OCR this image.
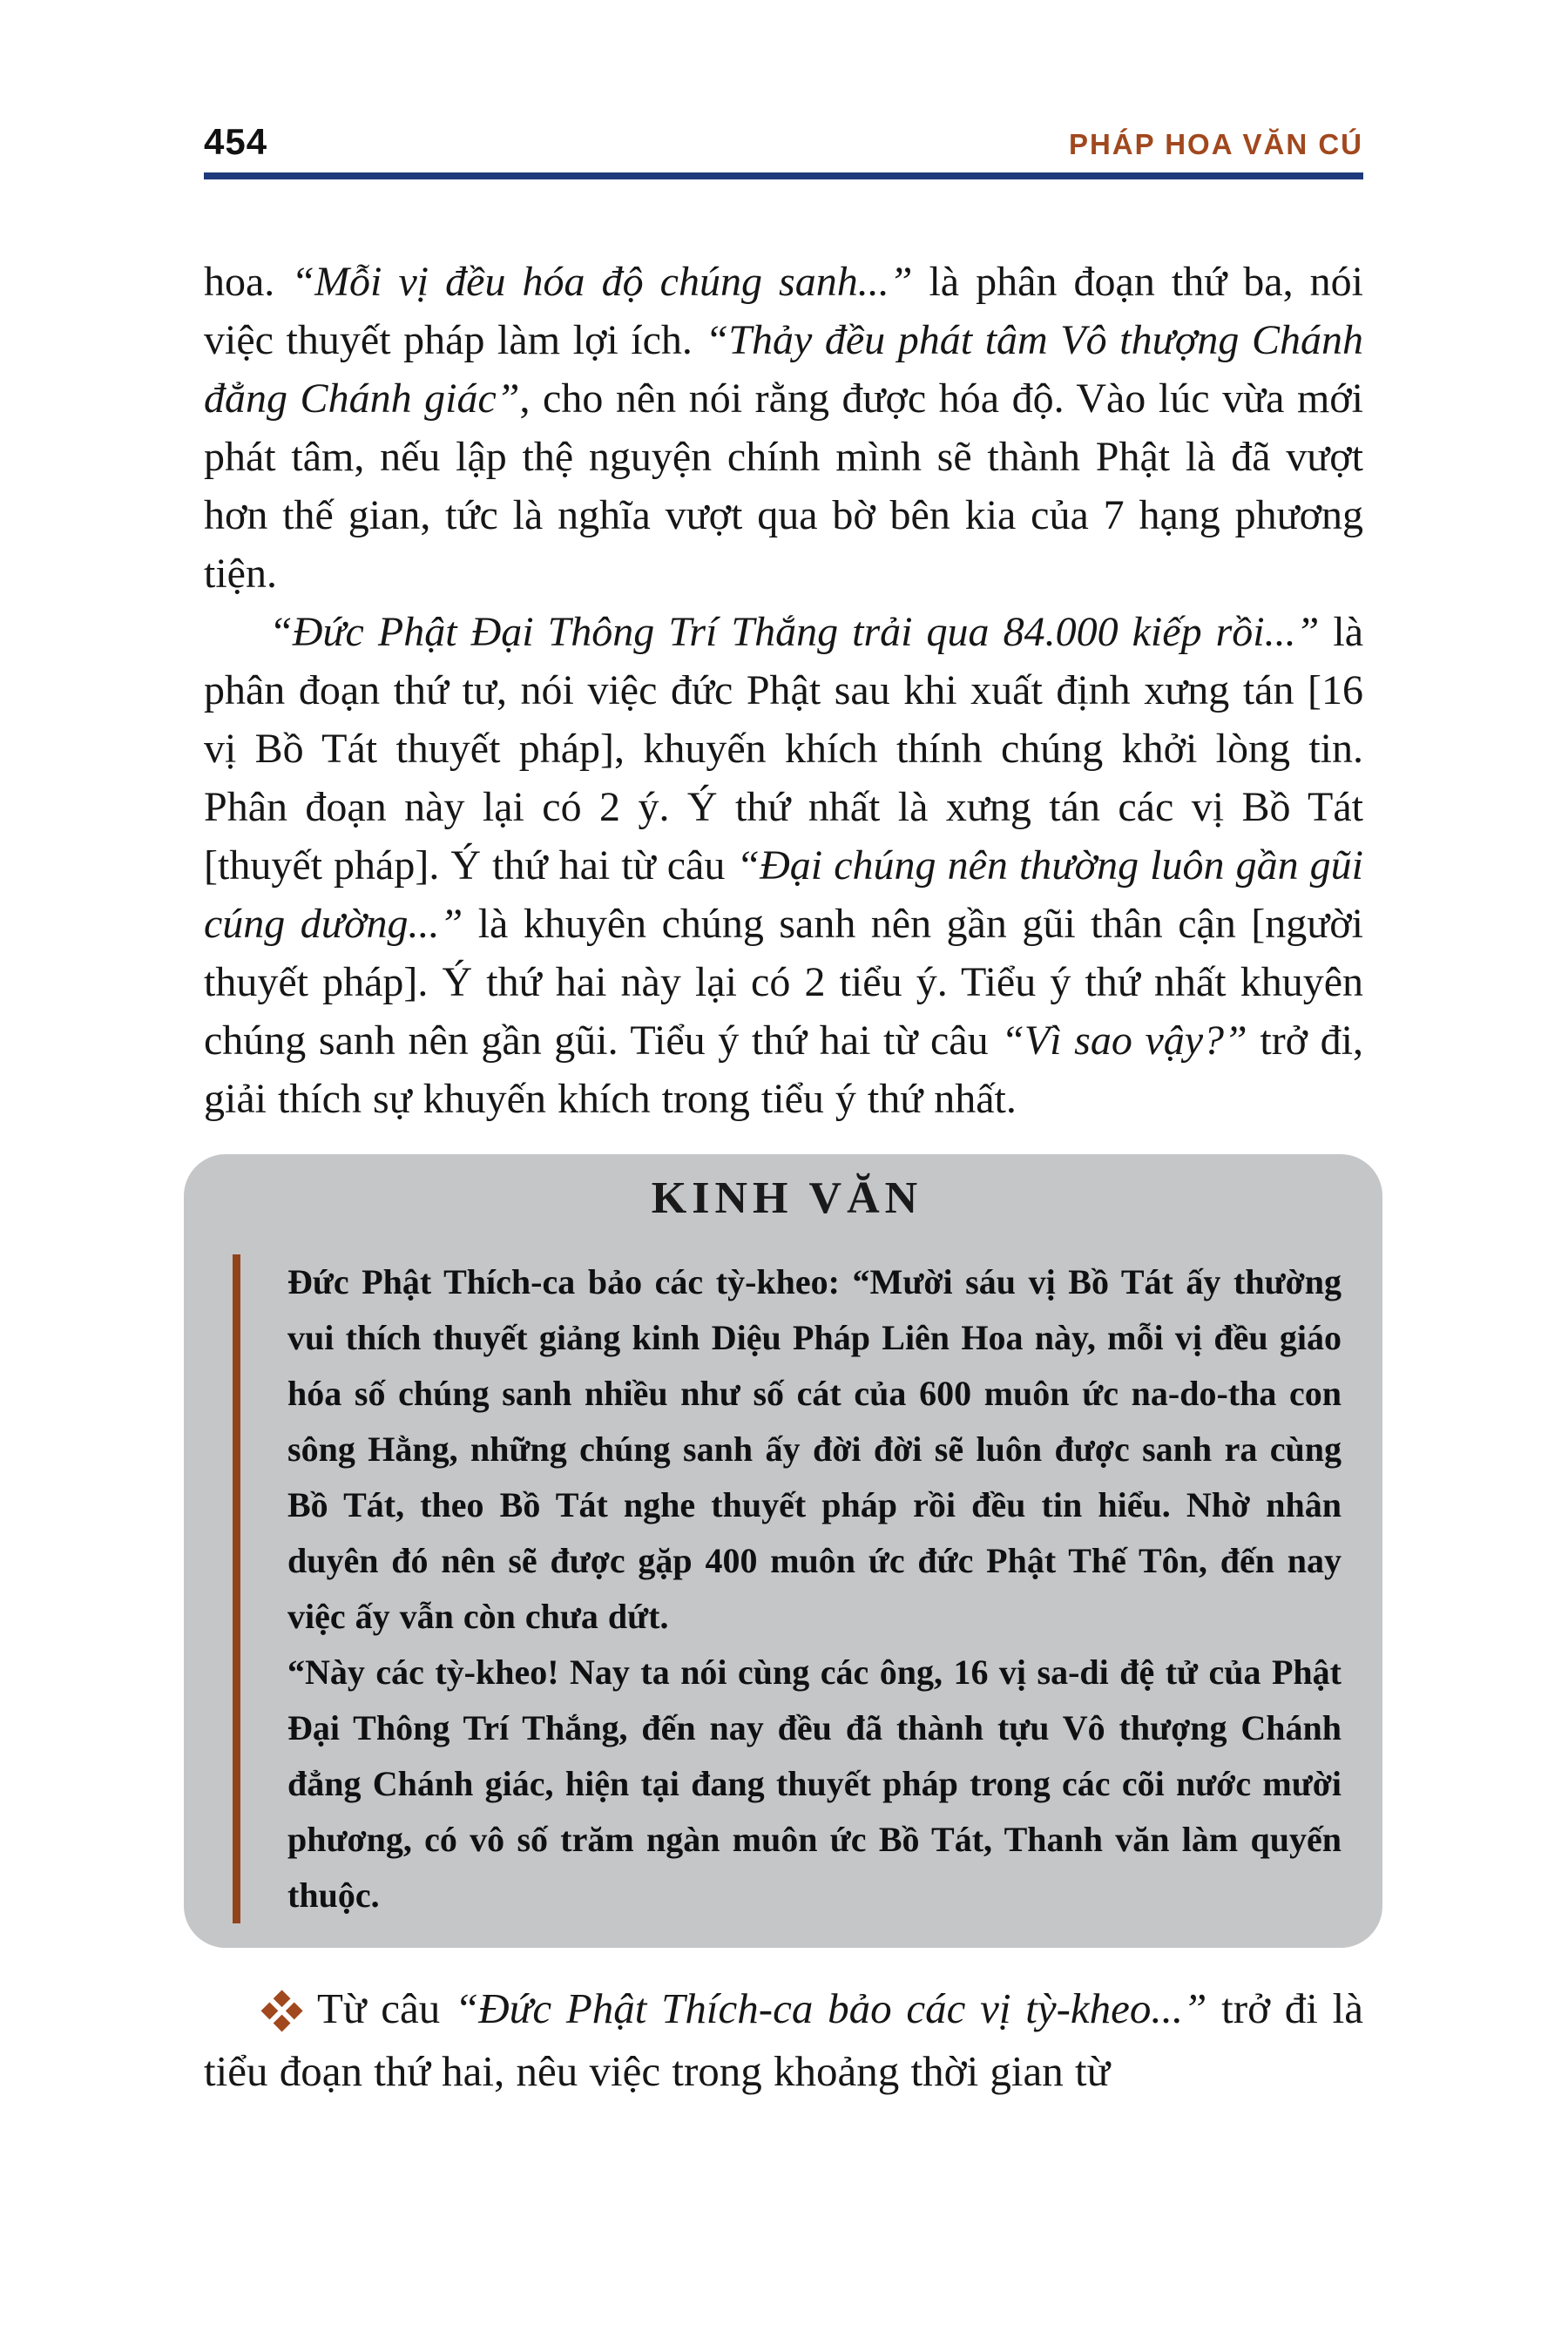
454	PHÁP HOA VĂN CÚ

hoa. “Mỗi vị đều hóa độ chúng sanh...” là phân đoạn thứ ba, nói việc thuyết pháp làm lợi ích. “Thảy đều phát tâm Vô thượng Chánh đẳng Chánh giác”, cho nên nói rằng được hóa độ. Vào lúc vừa mới phát tâm, nếu lập thệ nguyện chính mình sẽ thành Phật là đã vượt hơn thế gian, tức là nghĩa vượt qua bờ bên kia của 7 hạng phương tiện.

“Đức Phật Đại Thông Trí Thắng trải qua 84.000 kiếp rồi...” là phân đoạn thứ tư, nói việc đức Phật sau khi xuất định xưng tán [16 vị Bồ Tát thuyết pháp], khuyến khích thính chúng khởi lòng tin. Phân đoạn này lại có 2 ý. Ý thứ nhất là xưng tán các vị Bồ Tát [thuyết pháp]. Ý thứ hai từ câu “Đại chúng nên thường luôn gần gũi cúng dường...” là khuyên chúng sanh nên gần gũi thân cận [người thuyết pháp]. Ý thứ hai này lại có 2 tiểu ý. Tiểu ý thứ nhất khuyên chúng sanh nên gần gũi. Tiểu ý thứ hai từ câu “Vì sao vậy?” trở đi, giải thích sự khuyến khích trong tiểu ý thứ nhất.

KINH VĂN

Đức Phật Thích-ca bảo các tỳ-kheo: “Mười sáu vị Bồ Tát ấy thường vui thích thuyết giảng kinh Diệu Pháp Liên Hoa này, mỗi vị đều giáo hóa số chúng sanh nhiều như số cát của 600 muôn ức na-do-tha con sông Hằng, những chúng sanh ấy đời đời sẽ luôn được sanh ra cùng Bồ Tát, theo Bồ Tát nghe thuyết pháp rồi đều tin hiểu. Nhờ nhân duyên đó nên sẽ được gặp 400 muôn ức đức Phật Thế Tôn, đến nay việc ấy vẫn còn chưa dứt.

“Này các tỳ-kheo! Nay ta nói cùng các ông, 16 vị sa-di đệ tử của Phật Đại Thông Trí Thắng, đến nay đều đã thành tựu Vô thượng Chánh đẳng Chánh giác, hiện tại đang thuyết pháp trong các cõi nước mười phương, có vô số trăm ngàn muôn ức Bồ Tát, Thanh văn làm quyến thuộc.

Từ câu “Đức Phật Thích-ca bảo các vị tỳ-kheo...” trở đi là tiểu đoạn thứ hai, nêu việc trong khoảng thời gian từ
